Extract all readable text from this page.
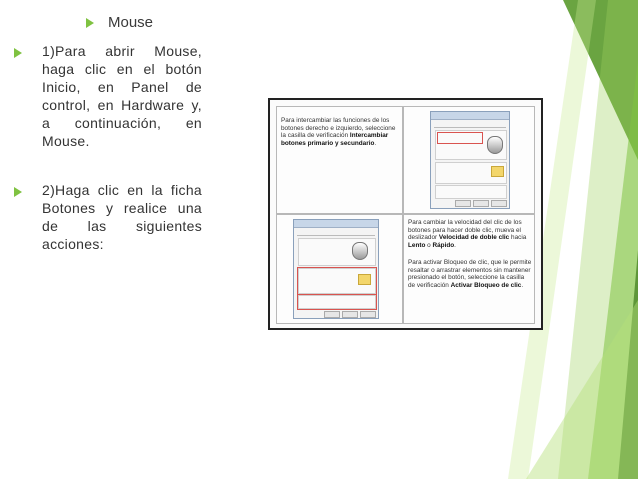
Mouse
1)Para abrir Mouse, haga clic en el botón Inicio, en Panel de control, en Hardware y, a continuación, en Mouse.
2)Haga clic en la ficha Botones y realice una de las siguientes acciones:
Para intercambiar las funciones de los botones derecho e izquierdo, seleccione la casilla de verificación Intercambiar botones primario y secundario.
Para cambiar la velocidad del clic de los botones para hacer doble clic, mueva el deslizador Velocidad de doble clic hacia Lento o Rápido.
Para activar Bloqueo de clic, que le permite resaltar o arrastrar elementos sin mantener presionado el botón, seleccione la casilla de verificación Activar Bloqueo de clic.
